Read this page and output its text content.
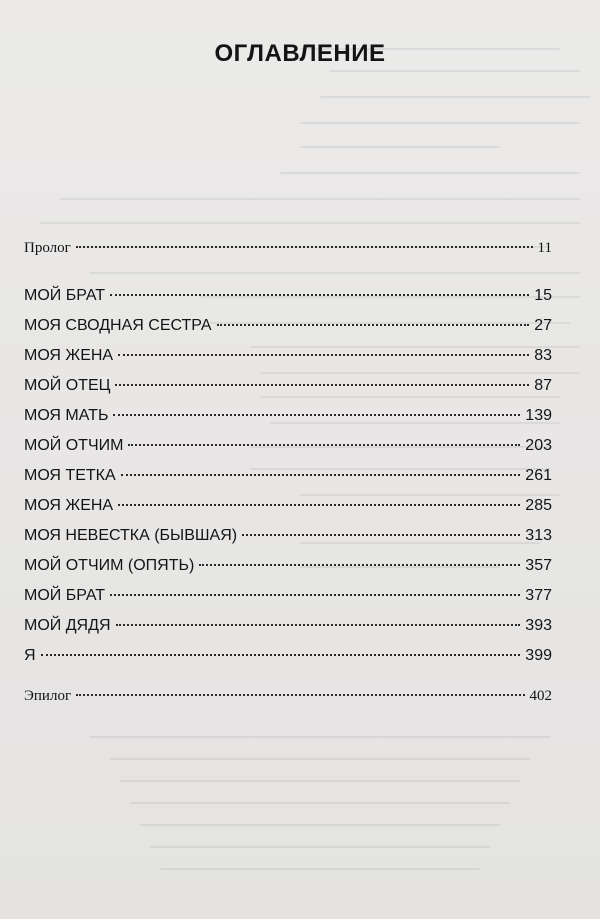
ОГЛАВЛЕНИЕ
Пролог	11
МОЙ БРАТ	15
МОЯ СВОДНАЯ СЕСТРА	27
МОЯ ЖЕНА	83
МОЙ ОТЕЦ	87
МОЯ МАТЬ	139
МОЙ ОТЧИМ	203
МОЯ ТЕТКА	261
МОЯ ЖЕНА	285
МОЯ НЕВЕСТКА (БЫВШАЯ)	313
МОЙ ОТЧИМ (ОПЯТЬ)	357
МОЙ БРАТ	377
МОЙ ДЯДЯ	393
Я	399
Эпилог	402
